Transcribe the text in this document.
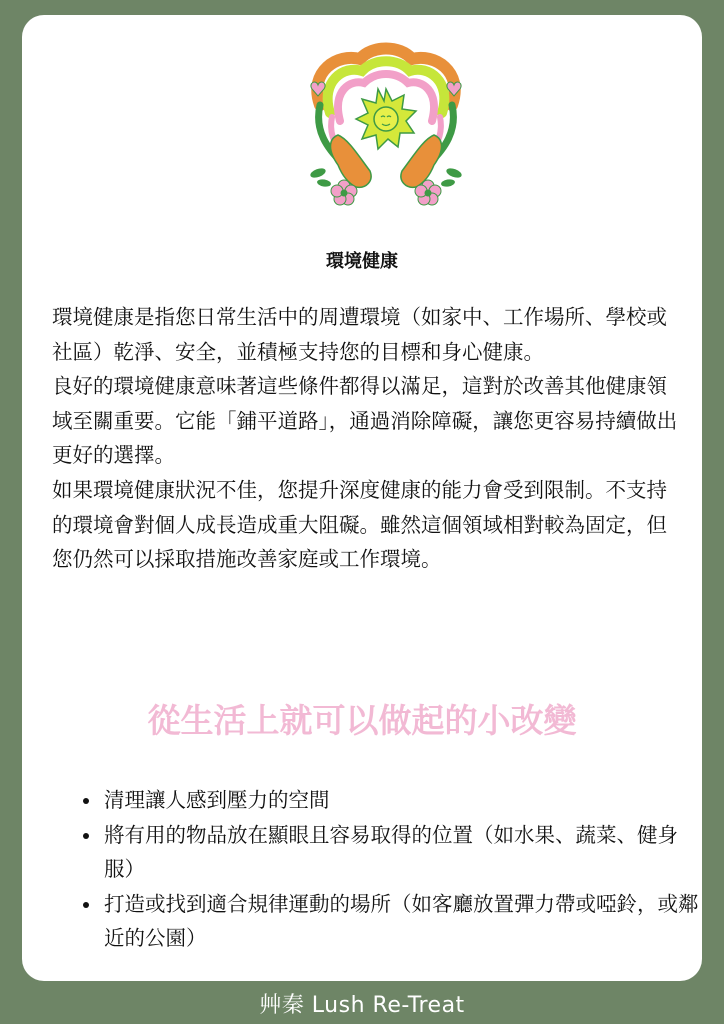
環境健康

環境健康是指您日常生活中的周遭環境（如家中、工作場所、學校或社區）乾淨、安全，並積極支持您的目標和身心健康。

良好的環境健康意味著這些條件都得以滿足，這對於改善其他健康領域至關重要。它能「鋪平道路」，通過消除障礙，讓您更容易持續做出更好的選擇。

如果環境健康狀況不佳，您提升深度健康的能力會受到限制。不支持的環境會對個人成長造成重大阻礙。雖然這個領域相對較為固定，但您仍然可以採取措施改善家庭或工作環境。

從生活上就可以做起的小改變
• 清理讓人感到壓力的空間
• 將有用的物品放在顯眼且容易取得的位置（如水果、蔬菜、健身服）
• 打造或找到適合規律運動的場所（如客廳放置彈力帶或啞鈴，或鄰近的公園）
艸秦 Lush Re-Treat
